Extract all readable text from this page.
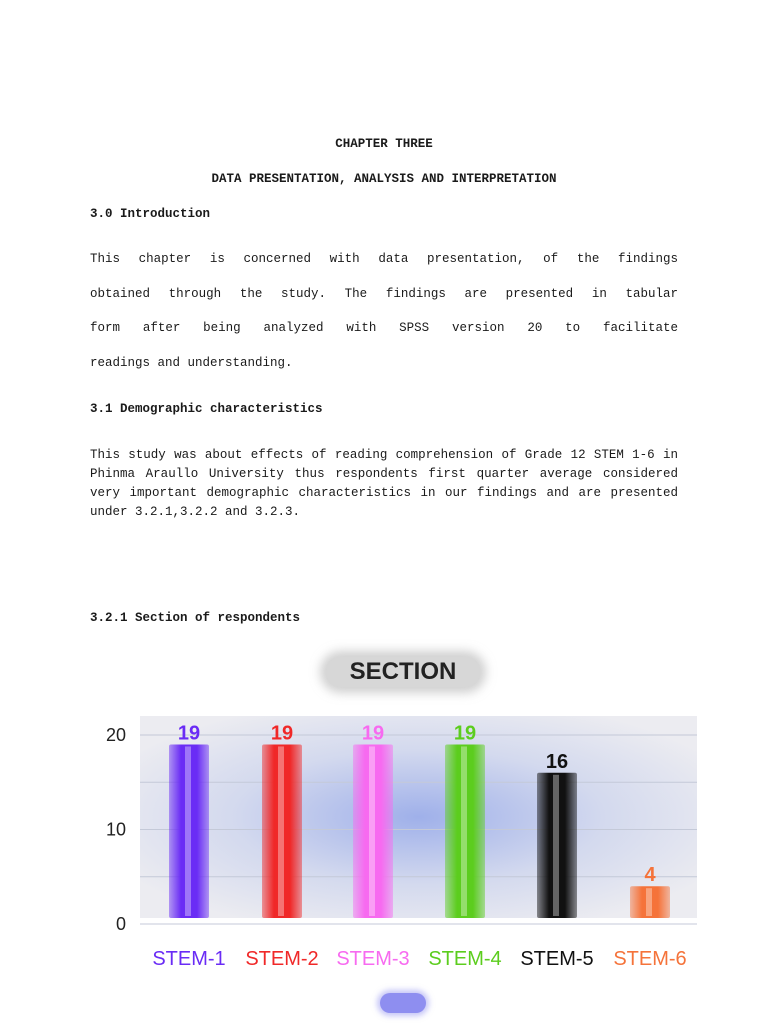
CHAPTER THREE
DATA PRESENTATION, ANALYSIS AND INTERPRETATION
3.0 Introduction

This chapter is concerned with data presentation, of the findings

obtained through the study. The findings are presented in tabular

form after being analyzed with SPSS version 20 to facilitate

readings and understanding.

3.1 Demographic characteristics
This study was about effects of reading comprehension of Grade 12 STEM 1-6 in Phinma Araullo University thus respondents first quarter average considered very important demographic characteristics in our findings and are presented under 3.2.1,3.2.2 and 3.2.3.
3.2.1 Section of respondents
SECTION
0
10
20	19	19	19	19
16
4
STEM-1 STEM-2 STEM-3 STEM-4 STEM-5 STEM-6
